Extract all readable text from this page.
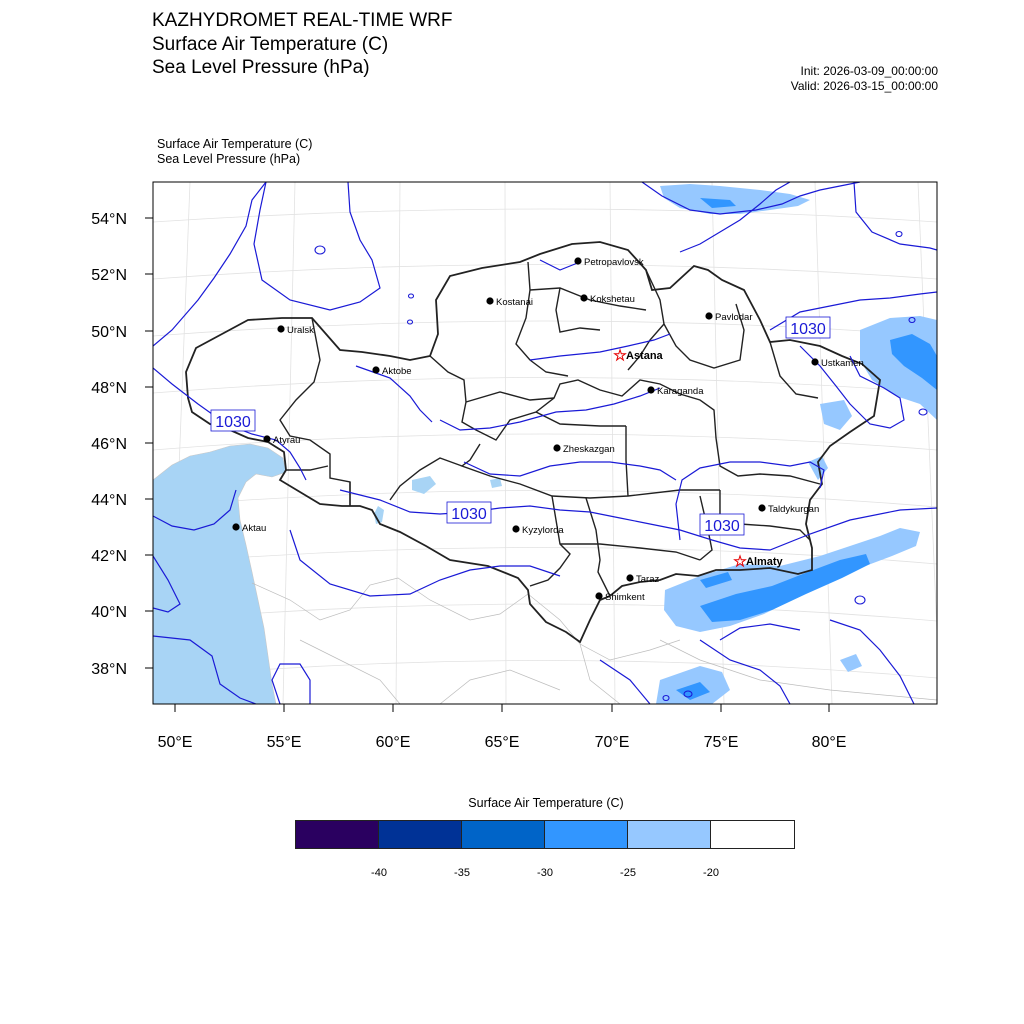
KAZHYDROMET REAL-TIME WRF
Surface Air Temperature (C)
Sea Level Pressure (hPa)	Init: 2026-03-09_00:00:00
Valid: 2026-03-15_00:00:00
Surface Air Temperature (C)
Sea Level Pressure (hPa)
54°N
52°N
50°N
48°N
46°N
44°N
42°N
40°N
38°N
50°E	55°E	60°E	65°E	70°E	75°E	80°E
1030
1030
1030
1030
Petropavlovsk
Kostanai	Kokshetau
Pavlodar
Uralsk
★ Astana
Aktobe
Ustkamen
Karaganda
Atyrau
Zheskazgan
Taldykurgan
Aktau	Kyzylorda
★ Almaty
Taraz
Shimkent
Surface Air Temperature (C)
-40	-35	-30	-25	-20
